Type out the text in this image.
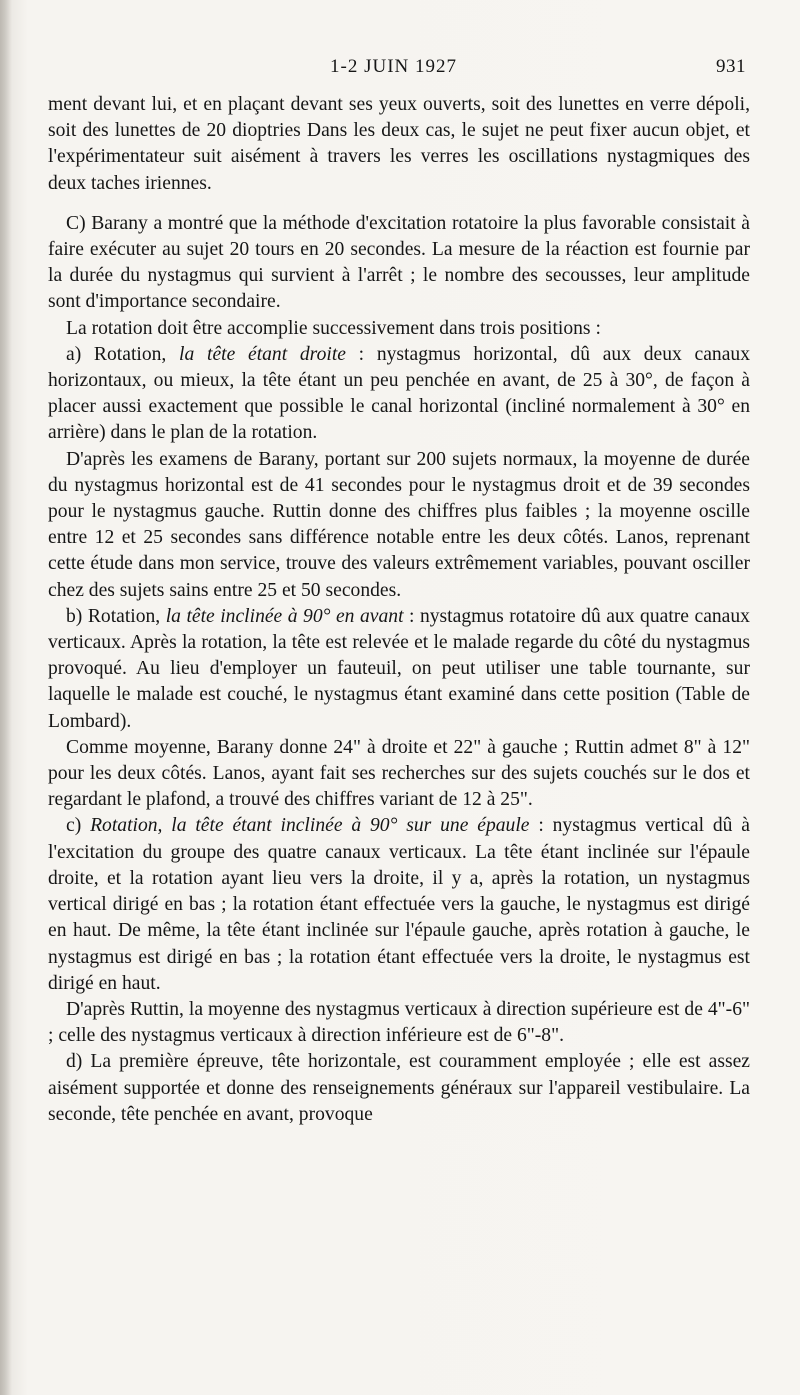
1-2 JUIN 1927	931

ment devant lui, et en plaçant devant ses yeux ouverts, soit des lunettes en verre dépoli, soit des lunettes de 20 dioptries Dans les deux cas, le sujet ne peut fixer aucun objet, et l'expérimentateur suit aisément à travers les verres les oscillations nystagmiques des deux taches iriennes.

C) Barany a montré que la méthode d'excitation rotatoire la plus favorable consistait à faire exécuter au sujet 20 tours en 20 secondes. La mesure de la réaction est fournie par la durée du nystagmus qui survient à l'arrêt ; le nombre des secousses, leur amplitude sont d'importance secondaire.

La rotation doit être accomplie successivement dans trois positions :

a) Rotation, la tête étant droite : nystagmus horizontal, dû aux deux canaux horizontaux, ou mieux, la tête étant un peu penchée en avant, de 25 à 30°, de façon à placer aussi exactement que possible le canal horizontal (incliné normalement à 30° en arrière) dans le plan de la rotation.

D'après les examens de Barany, portant sur 200 sujets normaux, la moyenne de durée du nystagmus horizontal est de 41 secondes pour le nystagmus droit et de 39 secondes pour le nystagmus gauche. Ruttin donne des chiffres plus faibles ; la moyenne oscille entre 12 et 25 secondes sans différence notable entre les deux côtés. Lanos, reprenant cette étude dans mon service, trouve des valeurs extrêmement variables, pouvant osciller chez des sujets sains entre 25 et 50 secondes.

b) Rotation, la tête inclinée à 90° en avant : nystagmus rotatoire dû aux quatre canaux verticaux. Après la rotation, la tête est relevée et le malade regarde du côté du nystagmus provoqué. Au lieu d'employer un fauteuil, on peut utiliser une table tournante, sur laquelle le malade est couché, le nystagmus étant examiné dans cette position (Table de Lombard).

Comme moyenne, Barany donne 24" à droite et 22" à gauche ; Ruttin admet 8" à 12" pour les deux côtés. Lanos, ayant fait ses recherches sur des sujets couchés sur le dos et regardant le plafond, a trouvé des chiffres variant de 12 à 25".

c) Rotation, la tête étant inclinée à 90° sur une épaule : nystagmus vertical dû à l'excitation du groupe des quatre canaux verticaux. La tête étant inclinée sur l'épaule droite, et la rotation ayant lieu vers la droite, il y a, après la rotation, un nystagmus vertical dirigé en bas ; la rotation étant effectuée vers la gauche, le nystagmus est dirigé en haut. De même, la tête étant inclinée sur l'épaule gauche, après rotation à gauche, le nystagmus est dirigé en bas ; la rotation étant effectuée vers la droite, le nystagmus est dirigé en haut.

D'après Ruttin, la moyenne des nystagmus verticaux à direction supérieure est de 4"-6" ; celle des nystagmus verticaux à direction inférieure est de 6"-8".

d) La première épreuve, tête horizontale, est couramment employée ; elle est assez aisément supportée et donne des renseignements généraux sur l'appareil vestibulaire. La seconde, tête penchée en avant, provoque
